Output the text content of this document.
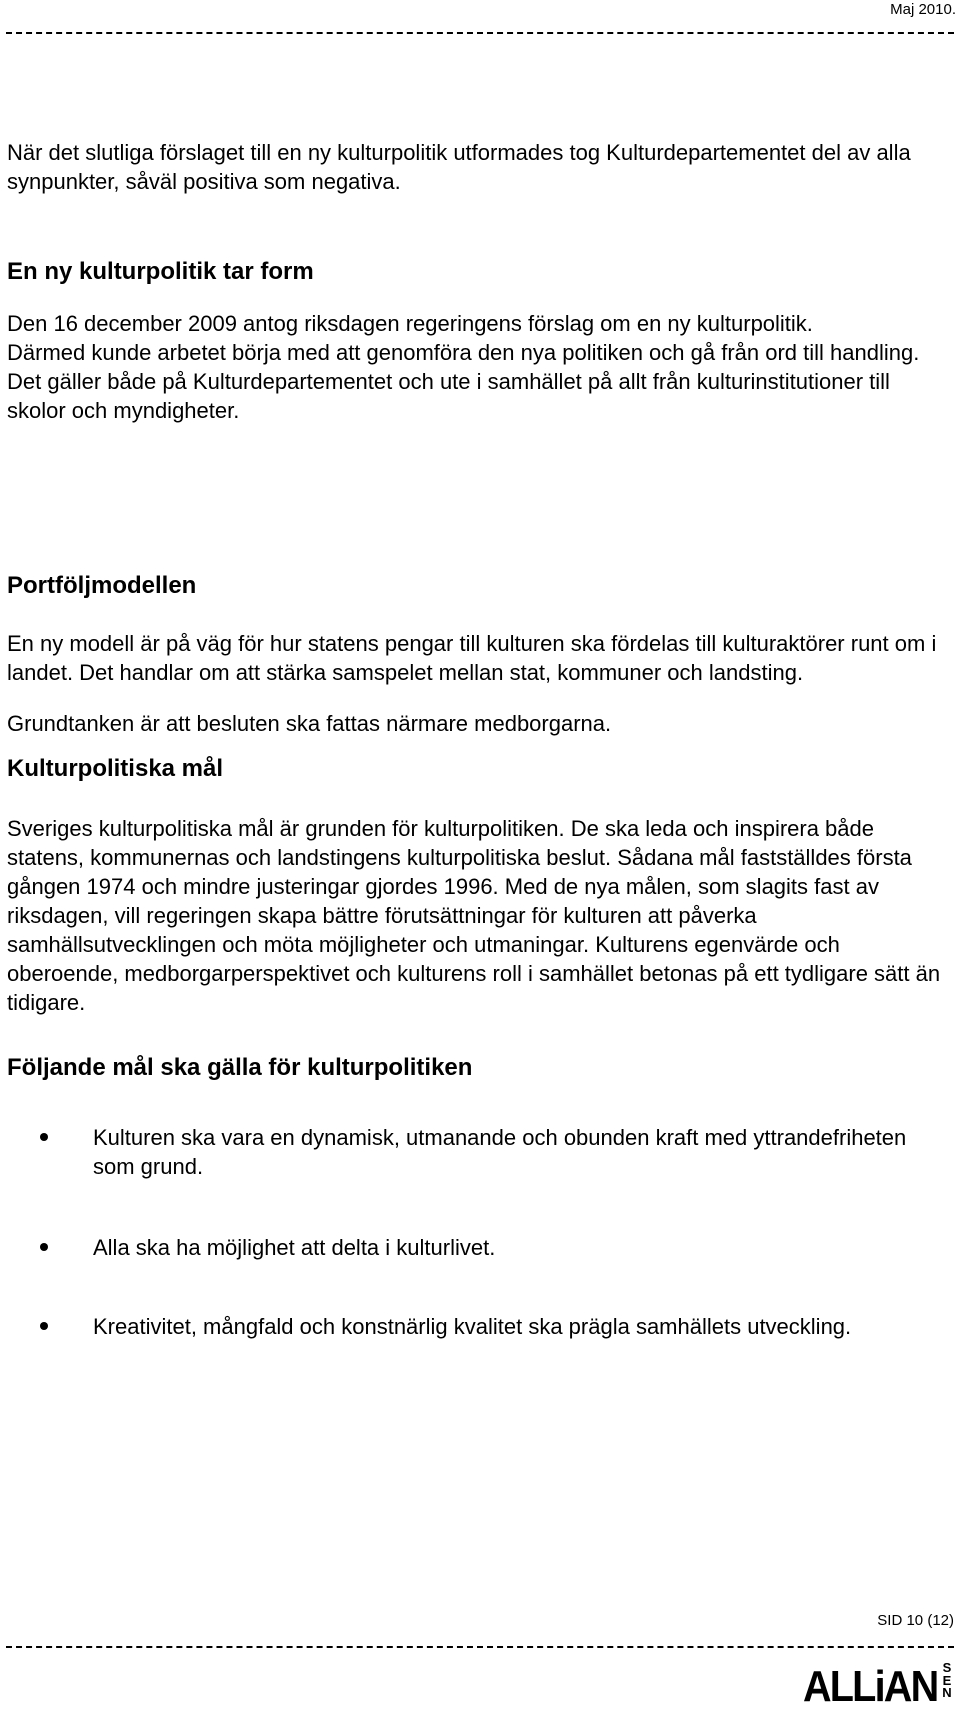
Maj 2010.

När det slutliga förslaget till en ny kulturpolitik utformades tog Kulturdepartementet del av alla synpunkter, såväl positiva som negativa.

En ny kulturpolitik tar form

Den 16 december 2009 antog riksdagen regeringens förslag om en ny kulturpolitik.

Därmed kunde arbetet börja med att genomföra den nya politiken och gå från ord till handling. Det gäller både på Kulturdepartementet och ute i samhället på allt från kulturinstitutioner till skolor och myndigheter.

Portföljmodellen

En ny modell är på väg för hur statens pengar till kulturen ska fördelas till kulturaktörer runt om i landet. Det handlar om att stärka samspelet mellan stat, kommuner och landsting.

Grundtanken är att besluten ska fattas närmare medborgarna.

Kulturpolitiska mål

Sveriges kulturpolitiska mål är grunden för kulturpolitiken. De ska leda och inspirera både statens, kommunernas och landstingens kulturpolitiska beslut. Sådana mål fastställdes första gången 1974 och mindre justeringar gjordes 1996. Med de nya målen, som slagits fast av riksdagen, vill regeringen skapa bättre förutsättningar för kulturen att påverka samhällsutvecklingen och möta möjligheter och utmaningar. Kulturens egenvärde och oberoende, medborgarperspektivet och kulturens roll i samhället betonas på ett tydligare sätt än tidigare.

Följande mål ska gälla för kulturpolitiken
Kulturen ska vara en dynamisk, utmanande och obunden kraft med yttrandefriheten som grund.
Alla ska ha möjlighet att delta i kulturlivet.
Kreativitet, mångfald och konstnärlig kvalitet ska prägla samhällets utveckling.
SID 10 (12)
ALLiAN S
E
N
